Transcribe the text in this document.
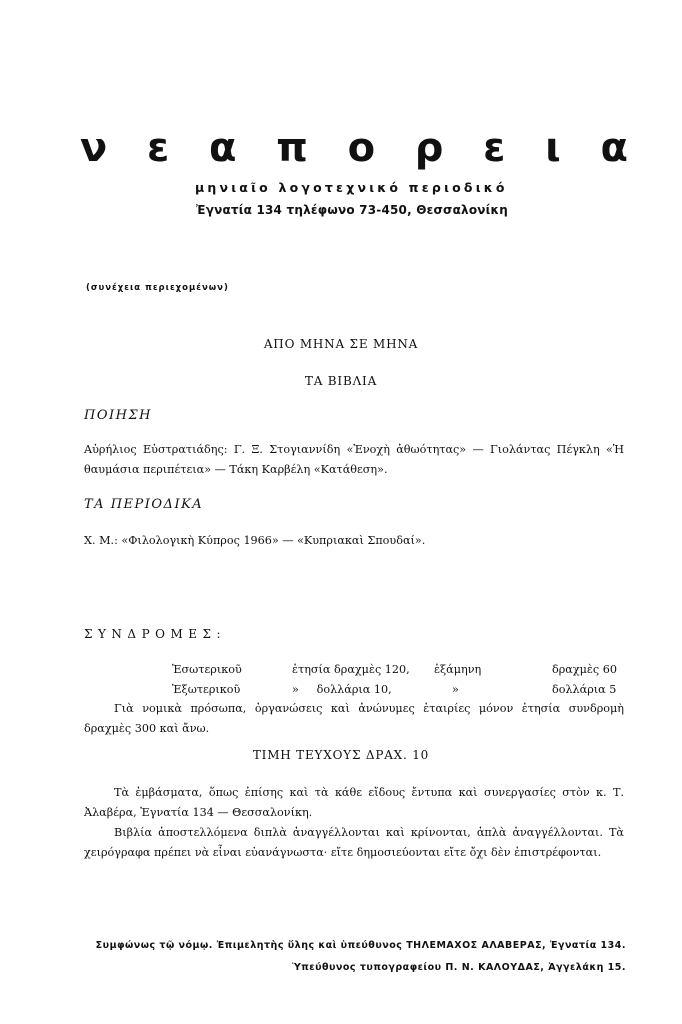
ν ε α π ο ρ ε ι α
μηνιαῖο λογοτεχνικό περιοδικό
Ἐγνατία 134 τηλέφωνο 73-450, Θεσσαλονίκη
(συνέχεια περιεχομένων)
ΑΠΟ ΜΗΝΑ ΣΕ ΜΗΝΑ
ΤΑ ΒΙΒΛΙΑ
ΠΟΙΗΣΗ
Αὐρήλιος Εὐστρατιάδης: Γ. Ξ. Στογιαννίδη «Ἐνοχὴ ἀθωότητας» — Γιολάντας Πέγκλη «Ἡ θαυμάσια περιπέτεια» — Τάκη Καρβέλη «Κατάθεση».
ΤΑ ΠΕΡΙΟΔΙΚΑ
Χ. Μ.: «Φιλολογικὴ Κύπρος 1966» — «Κυπριακαὶ Σπουδαί».
ΣΥΝΔΡΟΜΕΣ:
Ἐσωτερικοῦ	ἐτησία δραχμὲς 120,	ἑξάμηνη	δραχμὲς 60
Ἐξωτερικοῦ	»     δολλάρια 10,	»	δολλάρια 5
Γιὰ νομικὰ πρόσωπα, ὀργανώσεις καὶ ἀνώνυμες ἑταιρίες μόνον ἐτησία συνδρομὴ δραχμὲς 300 καὶ ἄνω.
ΤΙΜΗ ΤΕΥΧΟΥΣ ΔΡΑΧ. 10
Τὰ ἐμβάσματα, ὅπως ἐπίσης καὶ τὰ κάθε εἴδους ἔντυπα καὶ συνεργασίες στὸν κ. Τ. Ἀλαβέρα, Ἐγνατία 134 — Θεσσαλονίκη.
Βιβλία ἀποστελλόμενα διπλὰ ἀναγγέλλονται καὶ κρίνονται, ἁπλὰ ἀναγγέλλονται. Τὰ χειρόγραφα πρέπει νὰ εἶναι εὐανάγνωστα· εἴτε δημοσιεύονται εἴτε ὄχι δὲν ἐπιστρέφονται.
Συμφώνως τῷ νόμῳ. Ἐπιμελητὴς ὕλης καὶ ὑπεύθυνος ΤΗΛΕΜΑΧΟΣ ΑΛΑΒΕΡΑΣ, Ἐγνατία 134.
Ὑπεύθυνος τυπογραφείου Π. Ν. ΚΑΛΟΥΔΑΣ, Ἀγγελάκη 15.
